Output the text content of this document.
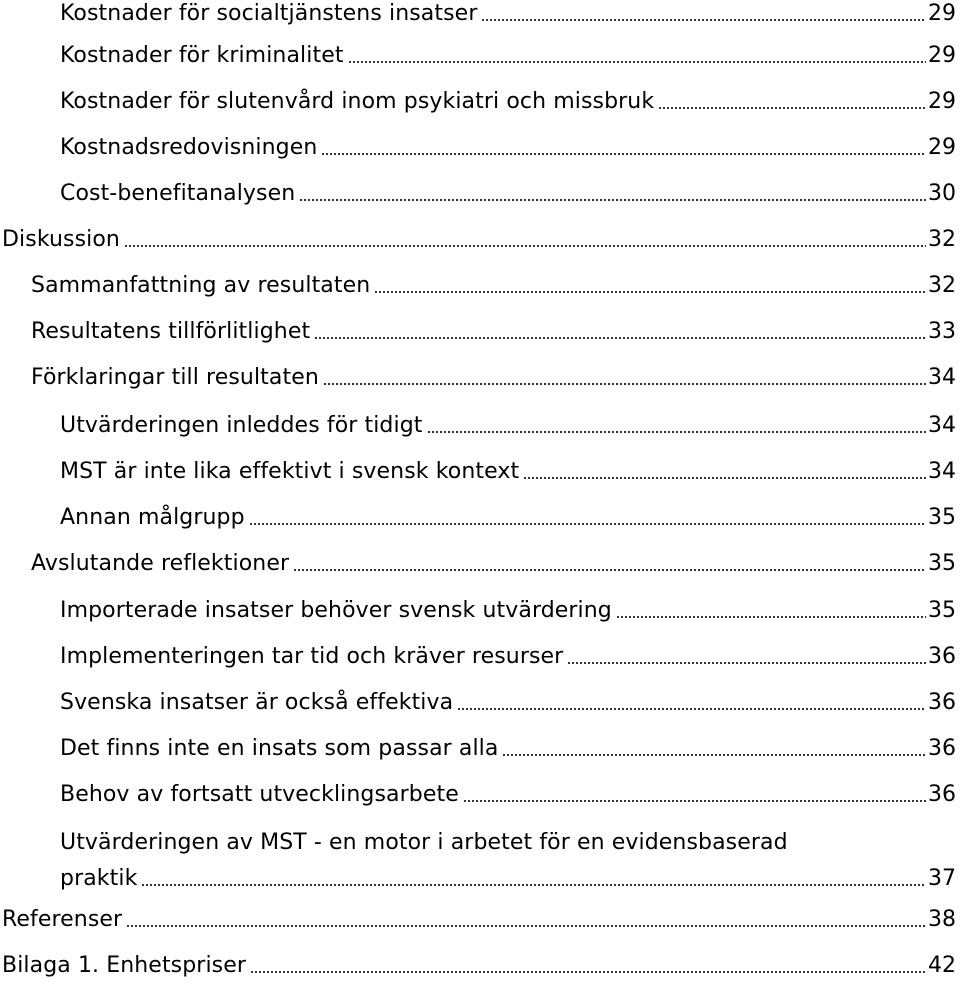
Kostnader för socialtjänstens insatser	29
Kostnader för kriminalitet	29
Kostnader för slutenvård inom psykiatri och missbruk	29
Kostnadsredovisningen	29
Cost-benefitanalysen	30
Diskussion	32
Sammanfattning av resultaten	32
Resultatens tillförlitlighet	33
Förklaringar till resultaten	34
Utvärderingen inleddes för tidigt	34
MST är inte lika effektivt i svensk kontext	34
Annan målgrupp	35
Avslutande reflektioner	35
Importerade insatser behöver svensk utvärdering	35
Implementeringen tar tid och kräver resurser	36
Svenska insatser är också effektiva	36
Det finns inte en insats som passar alla	36
Behov av fortsatt utvecklingsarbete	36
Utvärderingen av MST - en motor i arbetet för en evidensbaserad
praktik	37
Referenser	38
Bilaga 1. Enhetspriser	42
